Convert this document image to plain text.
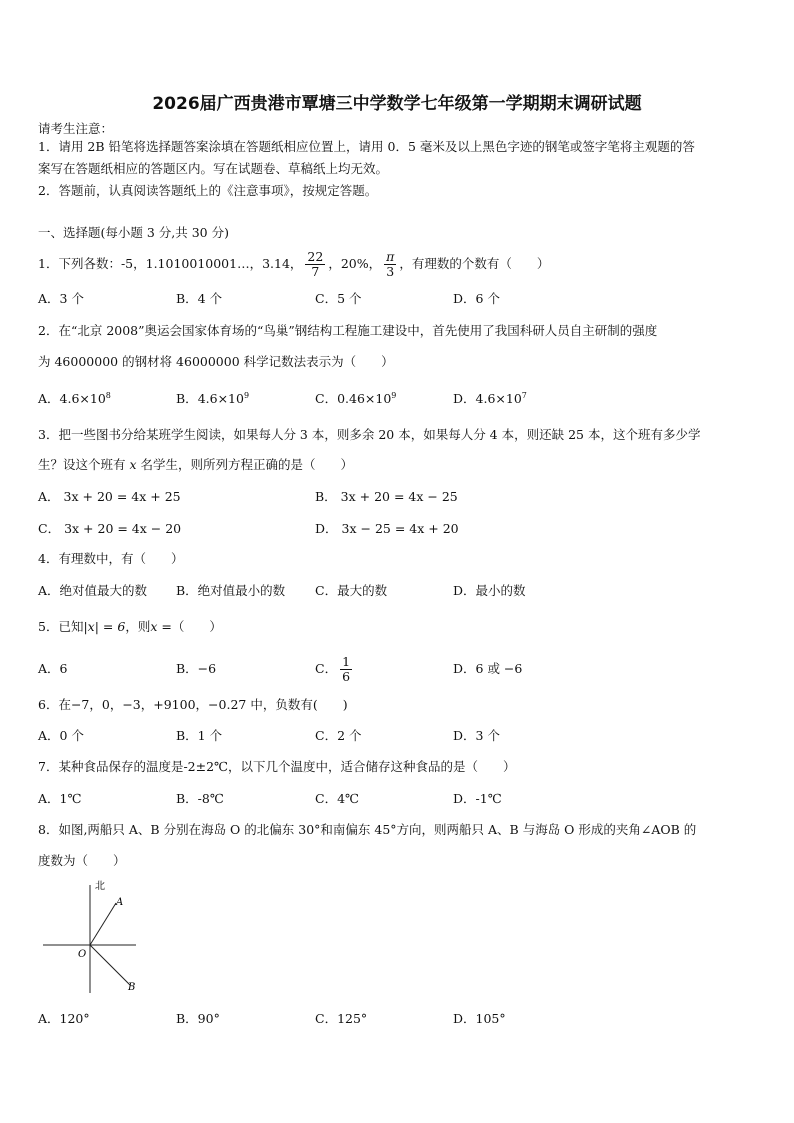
2026届广西贵港市覃塘三中学数学七年级第一学期期末调研试题
请考生注意：
1．请用 2B 铅笔将选择题答案涂填在答题纸相应位置上，请用 0．5 毫米及以上黑色字迹的钢笔或签字笔将主观题的答
案写在答题纸相应的答题区内。写在试题卷、草稿纸上均无效。
2．答题前，认真阅读答题纸上的《注意事项》，按规定答题。
一、选择题(每小题 3 分,共 30 分)
1．下列各数：-5，1.1010010001…，3.14， $\frac{22}{7}$ ，20%， $\frac{\pi}{3}$ ，有理数的个数有（　　）
A．3 个	B．4 个	C．5 个	D．6 个
2．在“北京 2008”奥运会国家体育场的“鸟巢”钢结构工程施工建设中，首先使用了我国科研人员自主研制的强度
为 46000000 的钢材将 46000000 科学记数法表示为（　　）
A．$4.6\times 10^8$	B．$4.6\times 10^9$	C．$0.46\times 10^9$	D．$4.6\times 10^7$
3．把一些图书分给某班学生阅读，如果每人分 3 本，则多余 20 本，如果每人分 4 本，则还缺 25 本，这个班有多少学
生？设这个班有 x 名学生，则所列方程正确的是（　　）
A． 3x + 20 = 4x + 25	B． 3x + 20 = 4x − 25
C． 3x + 20 = 4x − 20	D． 3x − 25 = 4x + 20
4．有理数中，有（　　）
A．绝对值最大的数 B．绝对值最小的数 C．最大的数	D．最小的数
5．已知|x| = 6，则x =（　　）
A．6	B．−6	C． $\frac{1}{6}$	D．6 或 −6
6．在−7，0，−3，+9100，−0.27 中，负数有(　　)
A．0 个	B．1 个	C．2 个	D．3 个
7．某种食品保存的温度是-2±2℃，以下几个温度中，适合储存这种食品的是（　　）
A．1℃	B．-8℃	C．4℃	D．-1℃
8．如图,两船只 A、B 分别在海岛 O 的北偏东 30°和南偏东 45°方向，则两船只 A、B 与海岛 O 形成的夹角∠AOB 的
度数为（　　）
北
A
O
B
A．120°	B．90°	C．125°	D．105°
